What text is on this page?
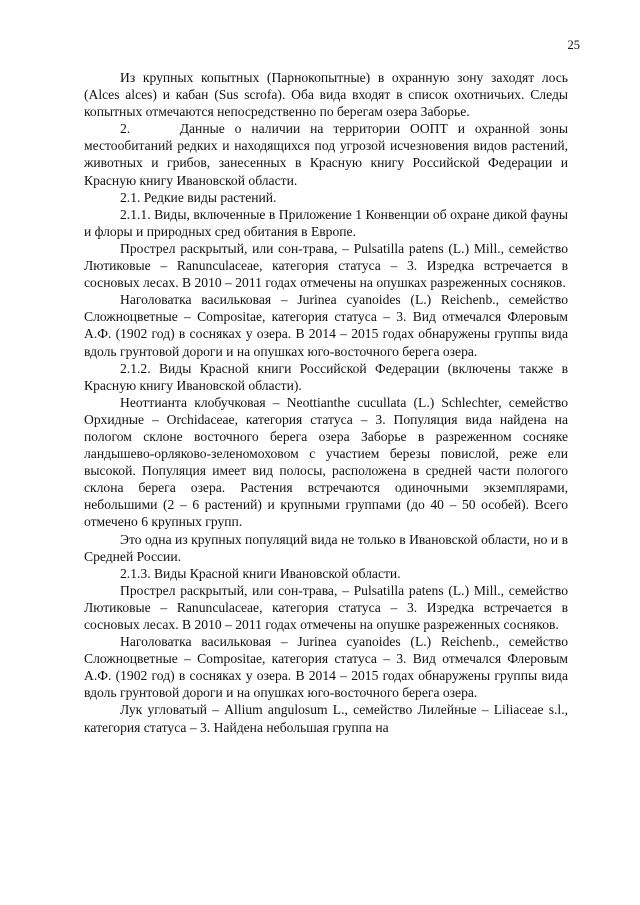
25

Из крупных копытных (Парнокопытные) в охранную зону заходят лось (Alces alces) и кабан (Sus scrofa). Оба вида входят в список охотничьих. Следы копытных отмечаются непосредственно по берегам озера Заборье.

2.     Данные о наличии на территории ООПТ и охранной зоны местообитаний редких и находящихся под угрозой исчезновения видов растений, животных и грибов, занесенных в Красную книгу Российской Федерации и Красную книгу Ивановской области.

2.1. Редкие виды растений.

2.1.1. Виды, включенные в Приложение 1 Конвенции об охране дикой фауны и флоры и природных сред обитания в Европе.

Прострел раскрытый, или сон-трава, – Pulsatilla patens (L.) Mill., семейство Лютиковые – Ranunculaceae, категория статуса – 3. Изредка встречается в сосновых лесах. В 2010 – 2011 годах отмечены на опушках разреженных сосняков.

Наголоватка васильковая – Jurinea cyanoides (L.) Reichenb., семейство Сложноцветные – Compositae, категория статуса – 3. Вид отмечался Флеровым А.Ф. (1902 год) в сосняках у озера. В 2014 – 2015 годах обнаружены группы вида вдоль грунтовой дороги и на опушках юго-восточного берега озера.

2.1.2. Виды Красной книги Российской Федерации (включены также в Красную книгу Ивановской области).

Неоттианта клобучковая – Neottianthe cucullata (L.) Schlechter, семейство Орхидные – Orchidaceae, категория статуса – 3. Популяция вида найдена на пологом склоне восточного берега озера Заборье в разреженном сосняке ландышево-орляково-зеленомоховом с участием березы повислой, реже ели высокой. Популяция имеет вид полосы, расположена в средней части пологого склона берега озера. Растения встречаются одиночными экземплярами, небольшими (2 – 6 растений) и крупными группами (до 40 – 50 особей). Всего отмечено 6 крупных групп.

Это одна из крупных популяций вида не только в Ивановской области, но и в Средней России.

2.1.3. Виды Красной книги Ивановской области.

Прострел раскрытый, или сон-трава, – Pulsatilla patens (L.) Mill., семейство Лютиковые – Ranunculaceae, категория статуса – 3. Изредка встречается в сосновых лесах. В 2010 – 2011 годах отмечены на опушке разреженных сосняков.

Наголоватка васильковая – Jurinea cyanoides (L.) Reichenb., семейство Сложноцветные – Compositae, категория статуса – 3. Вид отмечался Флеровым А.Ф. (1902 год) в сосняках у озера. В 2014 – 2015 годах обнаружены группы вида вдоль грунтовой дороги и на опушках юго-восточного берега озера.

Лук угловатый – Allium angulosum L., семейство Лилейные – Liliaceae s.l., категория статуса – 3. Найдена небольшая группа на
